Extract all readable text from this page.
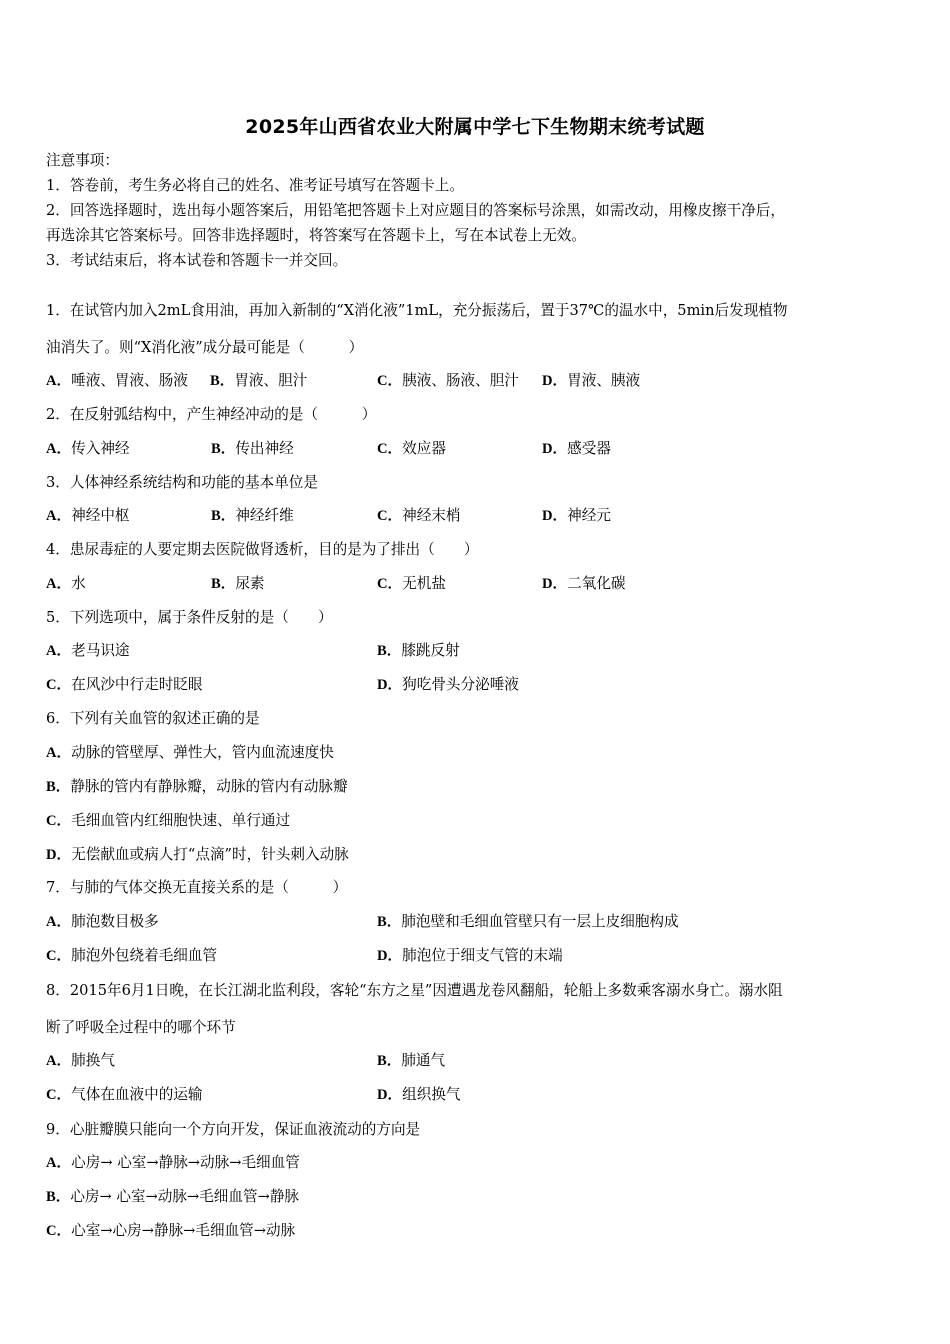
2025年山西省农业大附属中学七下生物期末统考试题
注意事项：
1．答卷前，考生务必将自己的姓名、准考证号填写在答题卡上。
2．回答选择题时，选出每小题答案后，用铅笔把答题卡上对应题目的答案标号涂黑，如需改动，用橡皮擦干净后，
再选涂其它答案标号。回答非选择题时，将答案写在答题卡上，写在本试卷上无效。
3．考试结束后，将本试卷和答题卡一并交回。
1．在试管内加入2mL食用油，再加入新制的“X消化液”1mL，充分振荡后，置于37℃的温水中，5min后发现植物
油消失了。则“X消化液”成分最可能是（　　　）
A．唾液、胃液、肠液 B．胃液、胆汁	C．胰液、肠液、胆汁 D．胃液、胰液
2．在反射弧结构中，产生神经冲动的是（　　　）
A．传入神经	B．传出神经	C．效应器	D．感受器
3．人体神经系统结构和功能的基本单位是
A．神经中枢	B．神经纤维	C．神经末梢	D．神经元
4．患尿毒症的人要定期去医院做肾透析，目的是为了排出（　　）
A．水	B．尿素	C．无机盐	D．二氧化碳
5．下列选项中，属于条件反射的是（　　）
A．老马识途	B．膝跳反射
C．在风沙中行走时眨眼	D．狗吃骨头分泌唾液
6．下列有关血管的叙述正确的是
A．动脉的管壁厚、弹性大，管内血流速度快
B．静脉的管内有静脉瓣，动脉的管内有动脉瓣
C．毛细血管内红细胞快速、单行通过
D．无偿献血或病人打“点滴”时，针头刺入动脉
7．与肺的气体交换无直接关系的是（　　　）
A．肺泡数目极多	B．肺泡壁和毛细血管壁只有一层上皮细胞构成
C．肺泡外包绕着毛细血管	D．肺泡位于细支气管的末端
8．2015年6月1日晚，在长江湖北监利段，客轮“东方之星”因遭遇龙卷风翻船，轮船上多数乘客溺水身亡。溺水阻
断了呼吸全过程中的哪个环节
A．肺换气	B．肺通气
C．气体在血液中的运输	D．组织换气
9．心脏瓣膜只能向一个方向开发，保证血液流动的方向是
A．心房→ 心室→静脉→动脉→毛细血管
B．心房→ 心室→动脉→毛细血管→静脉
C．心室→心房→静脉→毛细血管→动脉
